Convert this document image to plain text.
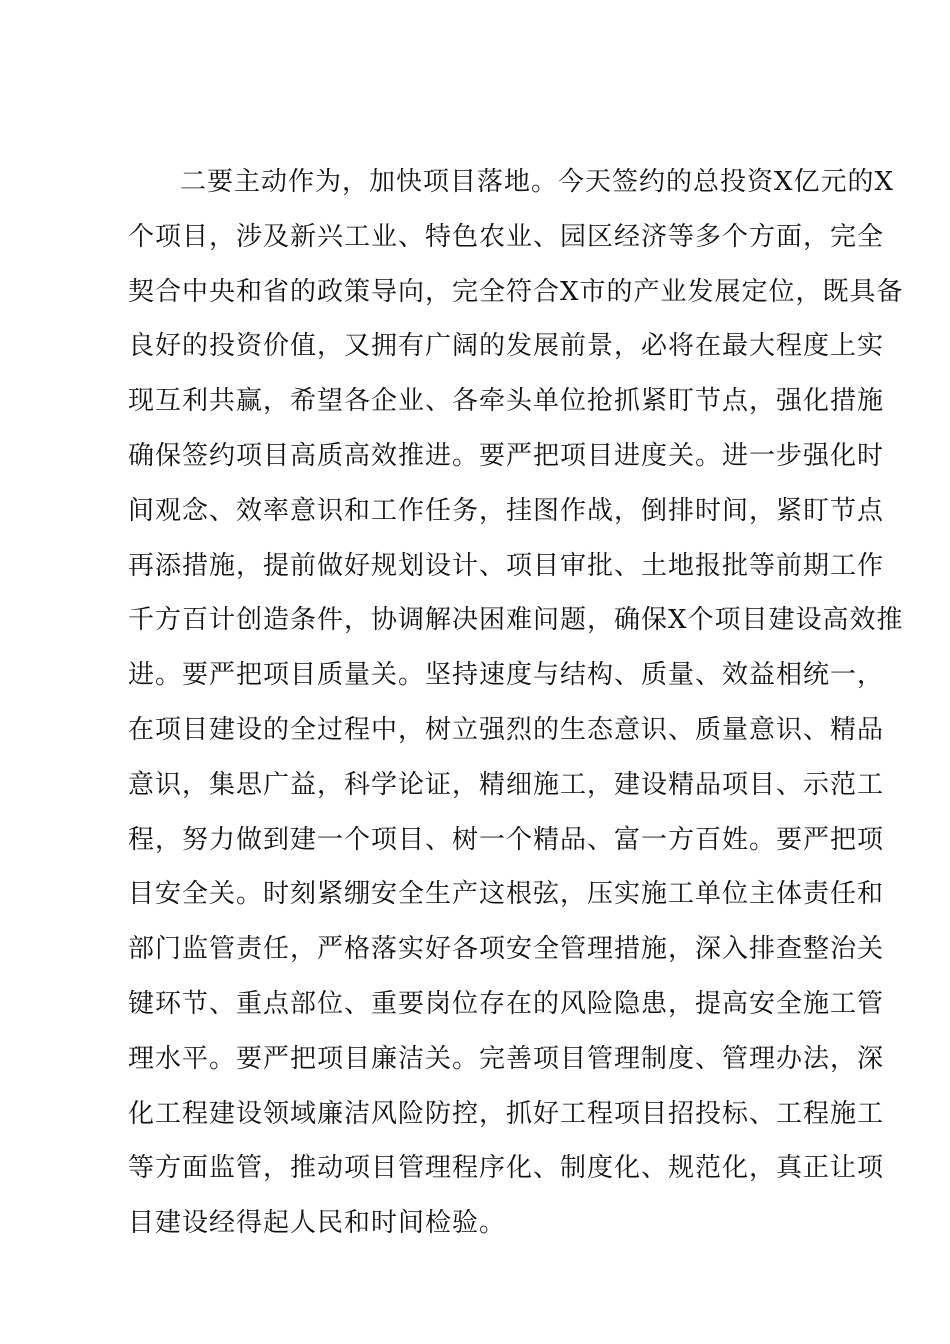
二要主动作为，加快项目落地。今天签约的总投资X亿元的X
个项目，涉及新兴工业、特色农业、园区经济等多个方面，完全
契合中央和省的政策导向，完全符合X市的产业发展定位，既具备
良好的投资价值，又拥有广阔的发展前景，必将在最大程度上实
现互利共赢，希望各企业、各牵头单位抢抓紧盯节点，强化措施
确保签约项目高质高效推进。要严把项目进度关。进一步强化时
间观念、效率意识和工作任务，挂图作战，倒排时间，紧盯节点
再添措施，提前做好规划设计、项目审批、土地报批等前期工作
千方百计创造条件，协调解决困难问题，确保X个项目建设高效推
进。要严把项目质量关。坚持速度与结构、质量、效益相统一，
在项目建设的全过程中，树立强烈的生态意识、质量意识、精品
意识，集思广益，科学论证，精细施工，建设精品项目、示范工
程，努力做到建一个项目、树一个精品、富一方百姓。要严把项
目安全关。时刻紧绷安全生产这根弦，压实施工单位主体责任和
部门监管责任，严格落实好各项安全管理措施，深入排查整治关
键环节、重点部位、重要岗位存在的风险隐患，提高安全施工管
理水平。要严把项目廉洁关。完善项目管理制度、管理办法，深
化工程建设领域廉洁风险防控，抓好工程项目招投标、工程施工
等方面监管，推动项目管理程序化、制度化、规范化，真正让项
目建设经得起人民和时间检验。
